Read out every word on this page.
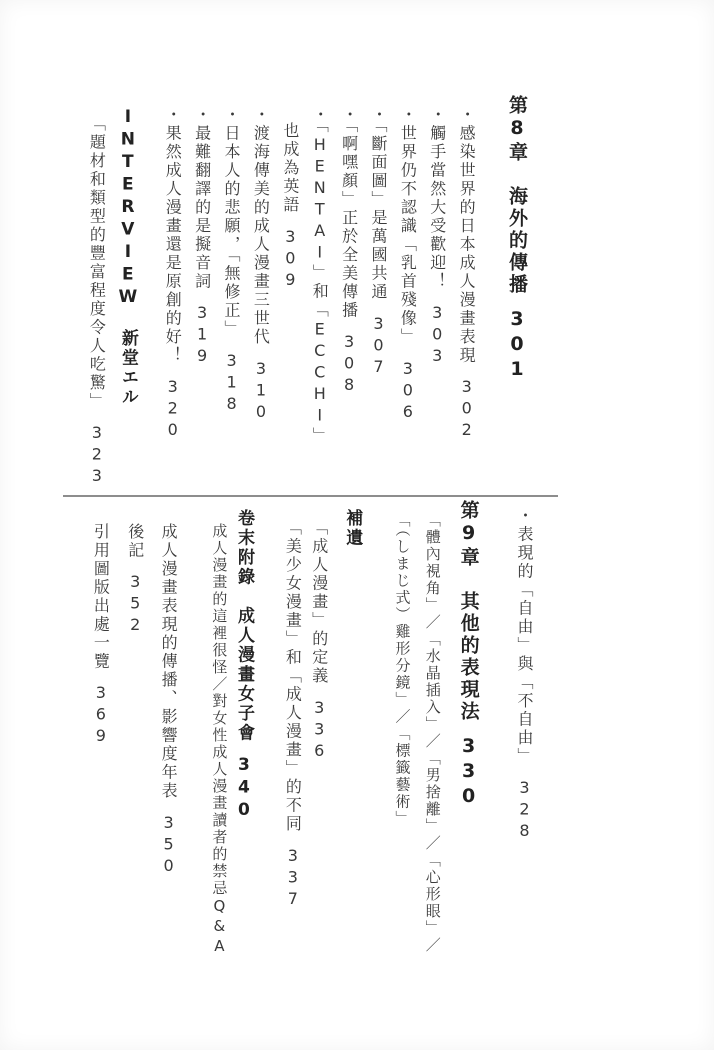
第8章　海外的傳播301
・感染世界的日本成人漫畫表現302
・觸手當然大受歡迎！303
・世界仍不認識「乳首殘像」306
・「斷面圖」是萬國共通307
・「啊嘿顏」正於全美傳播308
・「HENTAI」和「ECCHI」
也成為英語309
・渡海傳美的成人漫畫三世代310
・日本人的悲願，「無修正」318
・最難翻譯的是擬音詞319
・果然成人漫畫還是原創的好！320
INTERVIEW　新堂エル
「題材和類型的豐富程度令人吃驚」323
・表現的「自由」與「不自由」328
第9章　其他的表現法330
「體內視角」／「水晶插入」／「男捨離」／「心形眼」／
「（しまじ式）雞形分鏡」／「標籤藝術」
補遺
「成人漫畫」的定義336
「美少女漫畫」和「成人漫畫」的不同337
卷末附錄　成人漫畫女子會340
成人漫畫的這裡很怪／對女性成人漫畫讀者的禁忌Q&A
成人漫畫表現的傳播、影響度年表350
後記352
引用圖版出處一覽369
